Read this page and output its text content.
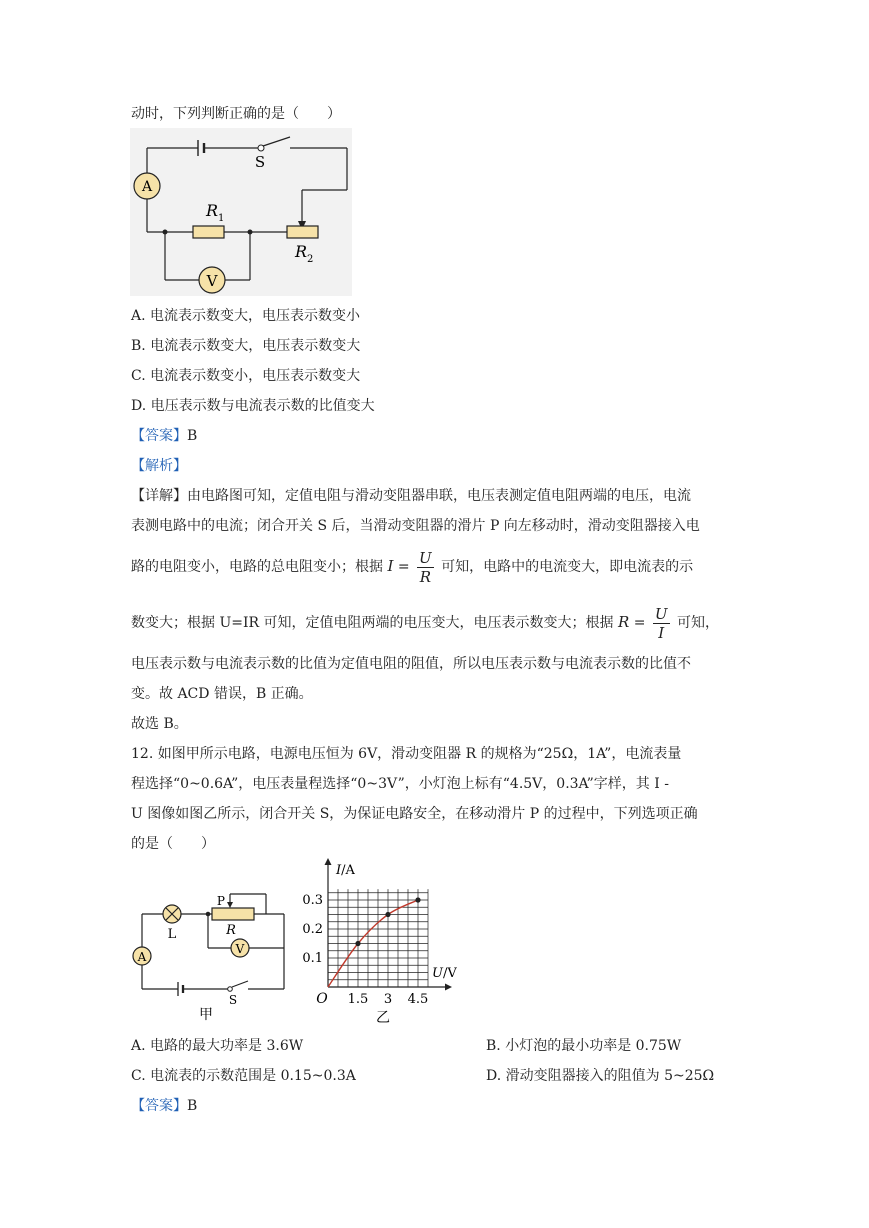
动时，下列判断正确的是（　　）
S
A
R 1
R 2
V
A. 电流表示数变大，电压表示数变小
B. 电流表示数变大，电压表示数变大
C. 电流表示数变小，电压表示数变大
D. 电压表示数与电流表示数的比值变大
【答案】B
【解析】
【详解】由电路图可知，定值电阻与滑动变阻器串联，电压表测定值电阻两端的电压，电流
表测电路中的电流；闭合开关 S 后，当滑动变阻器的滑片 P 向左移动时，滑动变阻器接入电
路的电阻变小，电路的总电阻变小；根据 $I = \frac{U}{R}$ 可知，电路中的电流变大，即电流表的示
数变大；根据 U=IR 可知，定值电阻两端的电压变大，电压表示数变大；根据 $R = \frac{U}{I}$ 可知，
电压表示数与电流表示数的比值为定值电阻的阻值，所以电压表示数与电流表示数的比值不
变。故 ACD 错误，B 正确。
故选 B。
12. 如图甲所示电路，电源电压恒为 6V，滑动变阻器 R 的规格为“25Ω，1A”，电流表量
程选择“0~0.6A”，电压表量程选择“0~3V”，小灯泡上标有“4.5V，0.3A”字样，其 I -
U 图像如图乙所示，闭合开关 S，为保证电路安全，在移动滑片 P 的过程中，下列选项正确
的是（　　）
L	R
P
V
A
S
甲
0.1
0.2
0.3
1.5 3 4.5
O
I/A
U/V
乙
A. 电路的最大功率是 3.6W	B. 小灯泡的最小功率是 0.75W
C. 电流表的示数范围是 0.15~0.3A	D. 滑动变阻器接入的阻值为 5~25Ω
【答案】B
